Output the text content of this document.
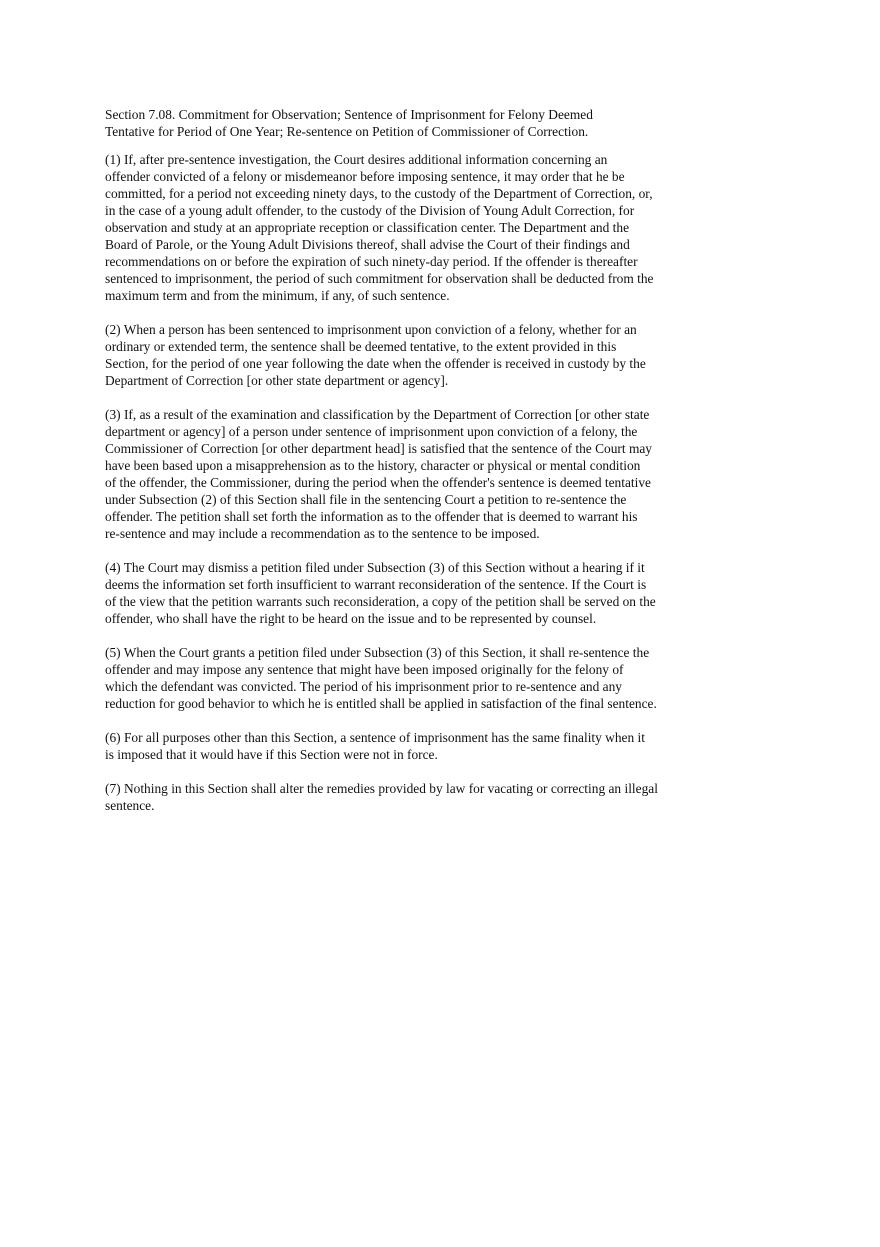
Section 7.08. Commitment for Observation; Sentence of Imprisonment for Felony Deemed
Tentative for Period of One Year; Re-sentence on Petition of Commissioner of Correction.
(1) If, after pre-sentence investigation, the Court desires additional information concerning an
offender convicted of a felony or misdemeanor before imposing sentence, it may order that he be
committed, for a period not exceeding ninety days, to the custody of the Department of Correction, or,
in the case of a young adult offender, to the custody of the Division of Young Adult Correction, for
observation and study at an appropriate reception or classification center. The Department and the
Board of Parole, or the Young Adult Divisions thereof, shall advise the Court of their findings and
recommendations on or before the expiration of such ninety-day period. If the offender is thereafter
sentenced to imprisonment, the period of such commitment for observation shall be deducted from the
maximum term and from the minimum, if any, of such sentence.
(2) When a person has been sentenced to imprisonment upon conviction of a felony, whether for an
ordinary or extended term, the sentence shall be deemed tentative, to the extent provided in this
Section, for the period of one year following the date when the offender is received in custody by the
Department of Correction [or other state department or agency].
(3) If, as a result of the examination and classification by the Department of Correction [or other state
department or agency] of a person under sentence of imprisonment upon conviction of a felony, the
Commissioner of Correction [or other department head] is satisfied that the sentence of the Court may
have been based upon a misapprehension as to the history, character or physical or mental condition
of the offender, the Commissioner, during the period when the offender's sentence is deemed tentative
under Subsection (2) of this Section shall file in the sentencing Court a petition to re-sentence the
offender. The petition shall set forth the information as to the offender that is deemed to warrant his
re-sentence and may include a recommendation as to the sentence to be imposed.
(4) The Court may dismiss a petition filed under Subsection (3) of this Section without a hearing if it
deems the information set forth insufficient to warrant reconsideration of the sentence. If the Court is
of the view that the petition warrants such reconsideration, a copy of the petition shall be served on the
offender, who shall have the right to be heard on the issue and to be represented by counsel.
(5) When the Court grants a petition filed under Subsection (3) of this Section, it shall re-sentence the
offender and may impose any sentence that might have been imposed originally for the felony of
which the defendant was convicted. The period of his imprisonment prior to re-sentence and any
reduction for good behavior to which he is entitled shall be applied in satisfaction of the final sentence.
(6) For all purposes other than this Section, a sentence of imprisonment has the same finality when it
is imposed that it would have if this Section were not in force.
(7) Nothing in this Section shall alter the remedies provided by law for vacating or correcting an illegal
sentence.
